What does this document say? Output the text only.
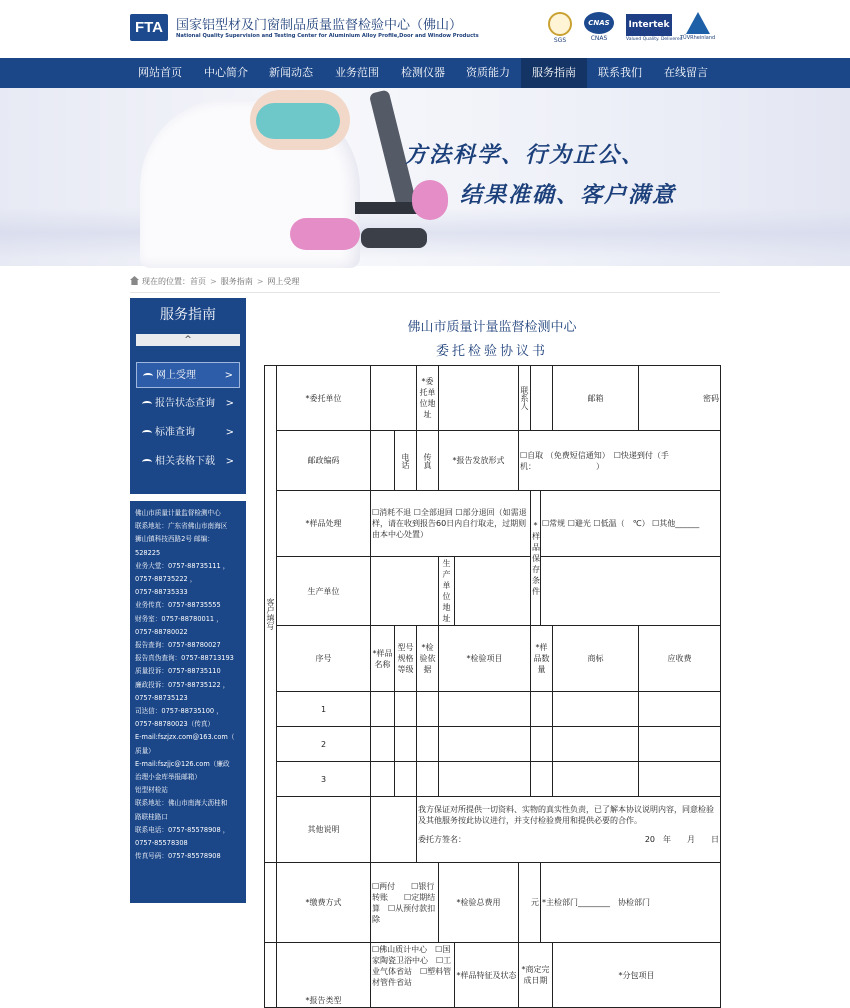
FTA 国家铝型材及门窗制品质量监督检验中心（佛山）
National Quality Supervision and Testing Center for Aluminium Alloy Profile,Door and Window Products
SGS
CNAS
CNAS
Intertek
Valued Quality. Delivered
TÜVRheinland
网站首页	中心简介	新闻动态	业务范围	检测仪器	资质能力	服务指南	联系我们	在线留言
方法科学、行为正公、
结果准确、客户满意
现在的位置：首页 > 服务指南 > 网上受理
服务指南
^
网上受理	>
报告状态查询 >
标准查询	>
相关表格下载 >

佛山市质量计量监督检测中心

联系地址：广东省佛山市南海区

狮山镇科技西路2号 邮编：

528225

业务大堂：0757-88735111 ，

0757-88735222 ，

0757-88735333

业务传真：0757-88735555

财务室：0757-88780011 ，

0757-88780022

报告查询：0757-88780027

报告真伪查询：0757-88713193

质量投诉：0757-88735110

廉政投诉：0757-88735122 ，

0757-88735123

司达信：0757-88735100 ，

0757-88780023（传真）

E-mail:fszjzx.com@163.com（

质量）

E-mail:fszjjc@126.com（廉政

治理小金库举报邮箱）

铝型材检站

联系地址：佛山市南海大沥桂和

路联桂路口

联系电话：0757-85578908 ，

0757-85578308

传真号码：0757-85578908

佛山市质量计量监督检测中心
委托检验协议书
客户填写	*委托单位			*委托单位地址			联系人			邮箱	密码
	邮政编码		电话	传真	*报告发放形式		☐自取 （免费短信通知）　☐快递到付（手机：　　　　　　　　）				
	*样品处理	☐消耗不退 ☐全部退回 ☐部分退回（如需退样，请在收到报告60日内自行取走，过期则由本中心处置）						*样品保存条件	☐常规 ☐避光 ☐低温（　℃） ☐其他______		
	生产单位				生产单位地址						
	序号	*样品名称	型号规格等级	*检验依据	*检验项目			*样品数量		商标	应收费
	1										
	2										
	3										
	其他说明			我方保证对所提供一切资料、实物的真实性负责，已了解本协议说明内容，同意检验及其他服务按此协议进行，并支付检验费用和提供必要的合作。
委托方签名： 20　年　　月　　日							

	*缴费方式	☐两付　　☐银行转账　　☐定期结算　☐从预付款扣除			*检验总费用		元		*主检部门________　协检部门		
	*报告类型	☐佛山质计中心　☐国家陶瓷卫浴中心　☐工业气体省站　☐塑料管材管件省站				*样品特征及状态	*商定完成日期			*分包项目	
